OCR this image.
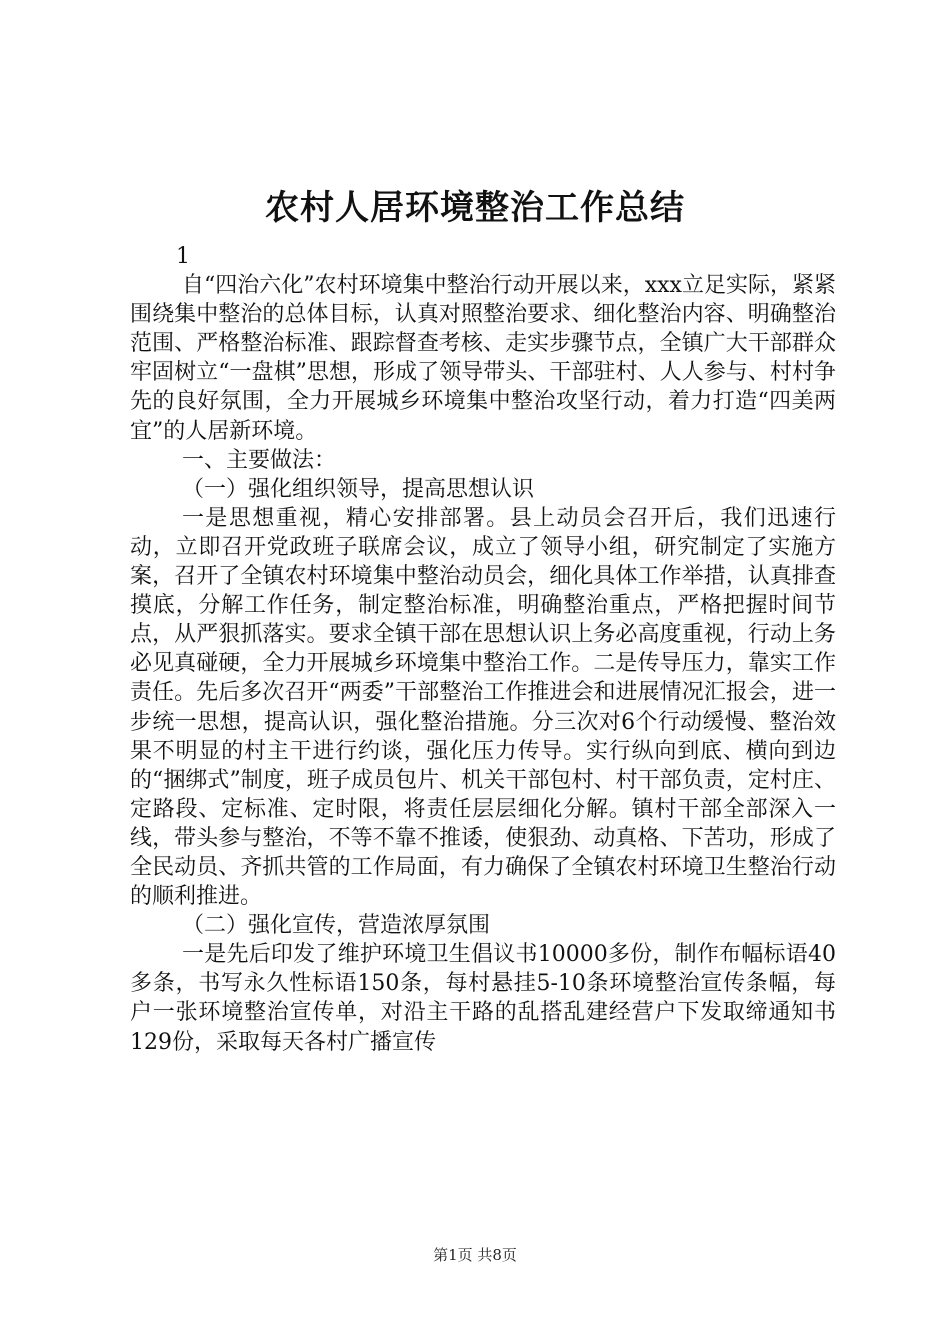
农村人居环境整治工作总结

1

自“四治六化”农村环境集中整治行动开展以来，xxx立足实际，紧紧围绕集中整治的总体目标，认真对照整治要求、细化整治内容、明确整治范围、严格整治标准、跟踪督查考核、走实步骤节点，全镇广大干部群众牢固树立“一盘棋”思想，形成了领导带头、干部驻村、人人参与、村村争先的良好氛围，全力开展城乡环境集中整治攻坚行动，着力打造“四美两宜”的人居新环境。

一、主要做法：

（一）强化组织领导，提高思想认识

一是思想重视，精心安排部署。县上动员会召开后，我们迅速行动，立即召开党政班子联席会议，成立了领导小组，研究制定了实施方案，召开了全镇农村环境集中整治动员会，细化具体工作举措，认真排查摸底，分解工作任务，制定整治标准，明确整治重点，严格把握时间节点，从严狠抓落实。要求全镇干部在思想认识上务必高度重视，行动上务必见真碰硬，全力开展城乡环境集中整治工作。二是传导压力，靠实工作责任。先后多次召开“两委”干部整治工作推进会和进展情况汇报会，进一步统一思想，提高认识，强化整治措施。分三次对6个行动缓慢、整治效果不明显的村主干进行约谈，强化压力传导。实行纵向到底、横向到边的“捆绑式”制度，班子成员包片、机关干部包村、村干部负责，定村庄、定路段、定标准、定时限，将责任层层细化分解。镇村干部全部深入一线，带头参与整治，不等不靠不推诿，使狠劲、动真格、下苦功，形成了全民动员、齐抓共管的工作局面，有力确保了全镇农村环境卫生整治行动的顺利推进。

（二）强化宣传，营造浓厚氛围

一是先后印发了维护环境卫生倡议书10000多份，制作布幅标语40多条，书写永久性标语150条，每村悬挂5-10条环境整治宣传条幅，每户一张环境整治宣传单，对沿主干路的乱搭乱建经营户下发取缔通知书129份，采取每天各村广播宣传

第1页 共8页
